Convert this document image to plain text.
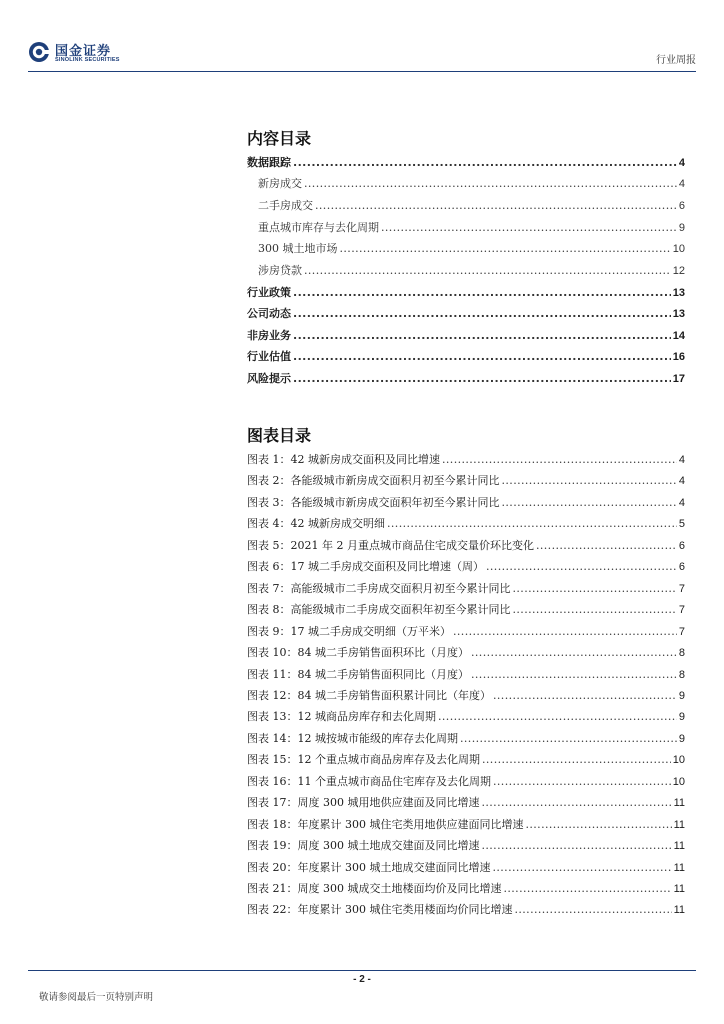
国金证券
SINOLINK SECURITIES	行业周报
内容目录
数据跟踪 .....	4
新房成交 .....	4
二手房成交 .....	6
重点城市库存与去化周期 .....	9
300 城土地市场 .....	10
涉房贷款 .....	12
行业政策 .....	13
公司动态 .....	13
非房业务 .....	14
行业估值 .....	16
风险提示 .....	17
图表目录
图表 1：42 城新房成交面积及同比增速 .....	4
图表 2：各能级城市新房成交面积月初至今累计同比 .....	4
图表 3：各能级城市新房成交面积年初至今累计同比 .....	4
图表 4：42 城新房成交明细 .....	5
图表 5：2021 年 2 月重点城市商品住宅成交量价环比变化 .....	6
图表 6：17 城二手房成交面积及同比增速（周） .....	6
图表 7：高能级城市二手房成交面积月初至今累计同比 .....	7
图表 8：高能级城市二手房成交面积年初至今累计同比 .....	7
图表 9：17 城二手房成交明细（万平米） .....	7
图表 10：84 城二手房销售面积环比（月度） .....	8
图表 11：84 城二手房销售面积同比（月度） .....	8
图表 12：84 城二手房销售面积累计同比（年度） .....	9
图表 13：12 城商品房库存和去化周期 .....	9
图表 14：12 城按城市能级的库存去化周期 .....	9
图表 15：12 个重点城市商品房库存及去化周期 .....	10
图表 16：11 个重点城市商品住宅库存及去化周期 .....	10
图表 17：周度 300 城用地供应建面及同比增速 .....	11
图表 18：年度累计 300 城住宅类用地供应建面同比增速 .....	11
图表 19：周度 300 城土地成交建面及同比增速 .....	11
图表 20：年度累计 300 城土地成交建面同比增速 .....	11
图表 21：周度 300 城成交土地楼面均价及同比增速 .....	11
图表 22：年度累计 300 城住宅类用楼面均价同比增速 .....	11
- 2 -
敬请参阅最后一页特别声明
